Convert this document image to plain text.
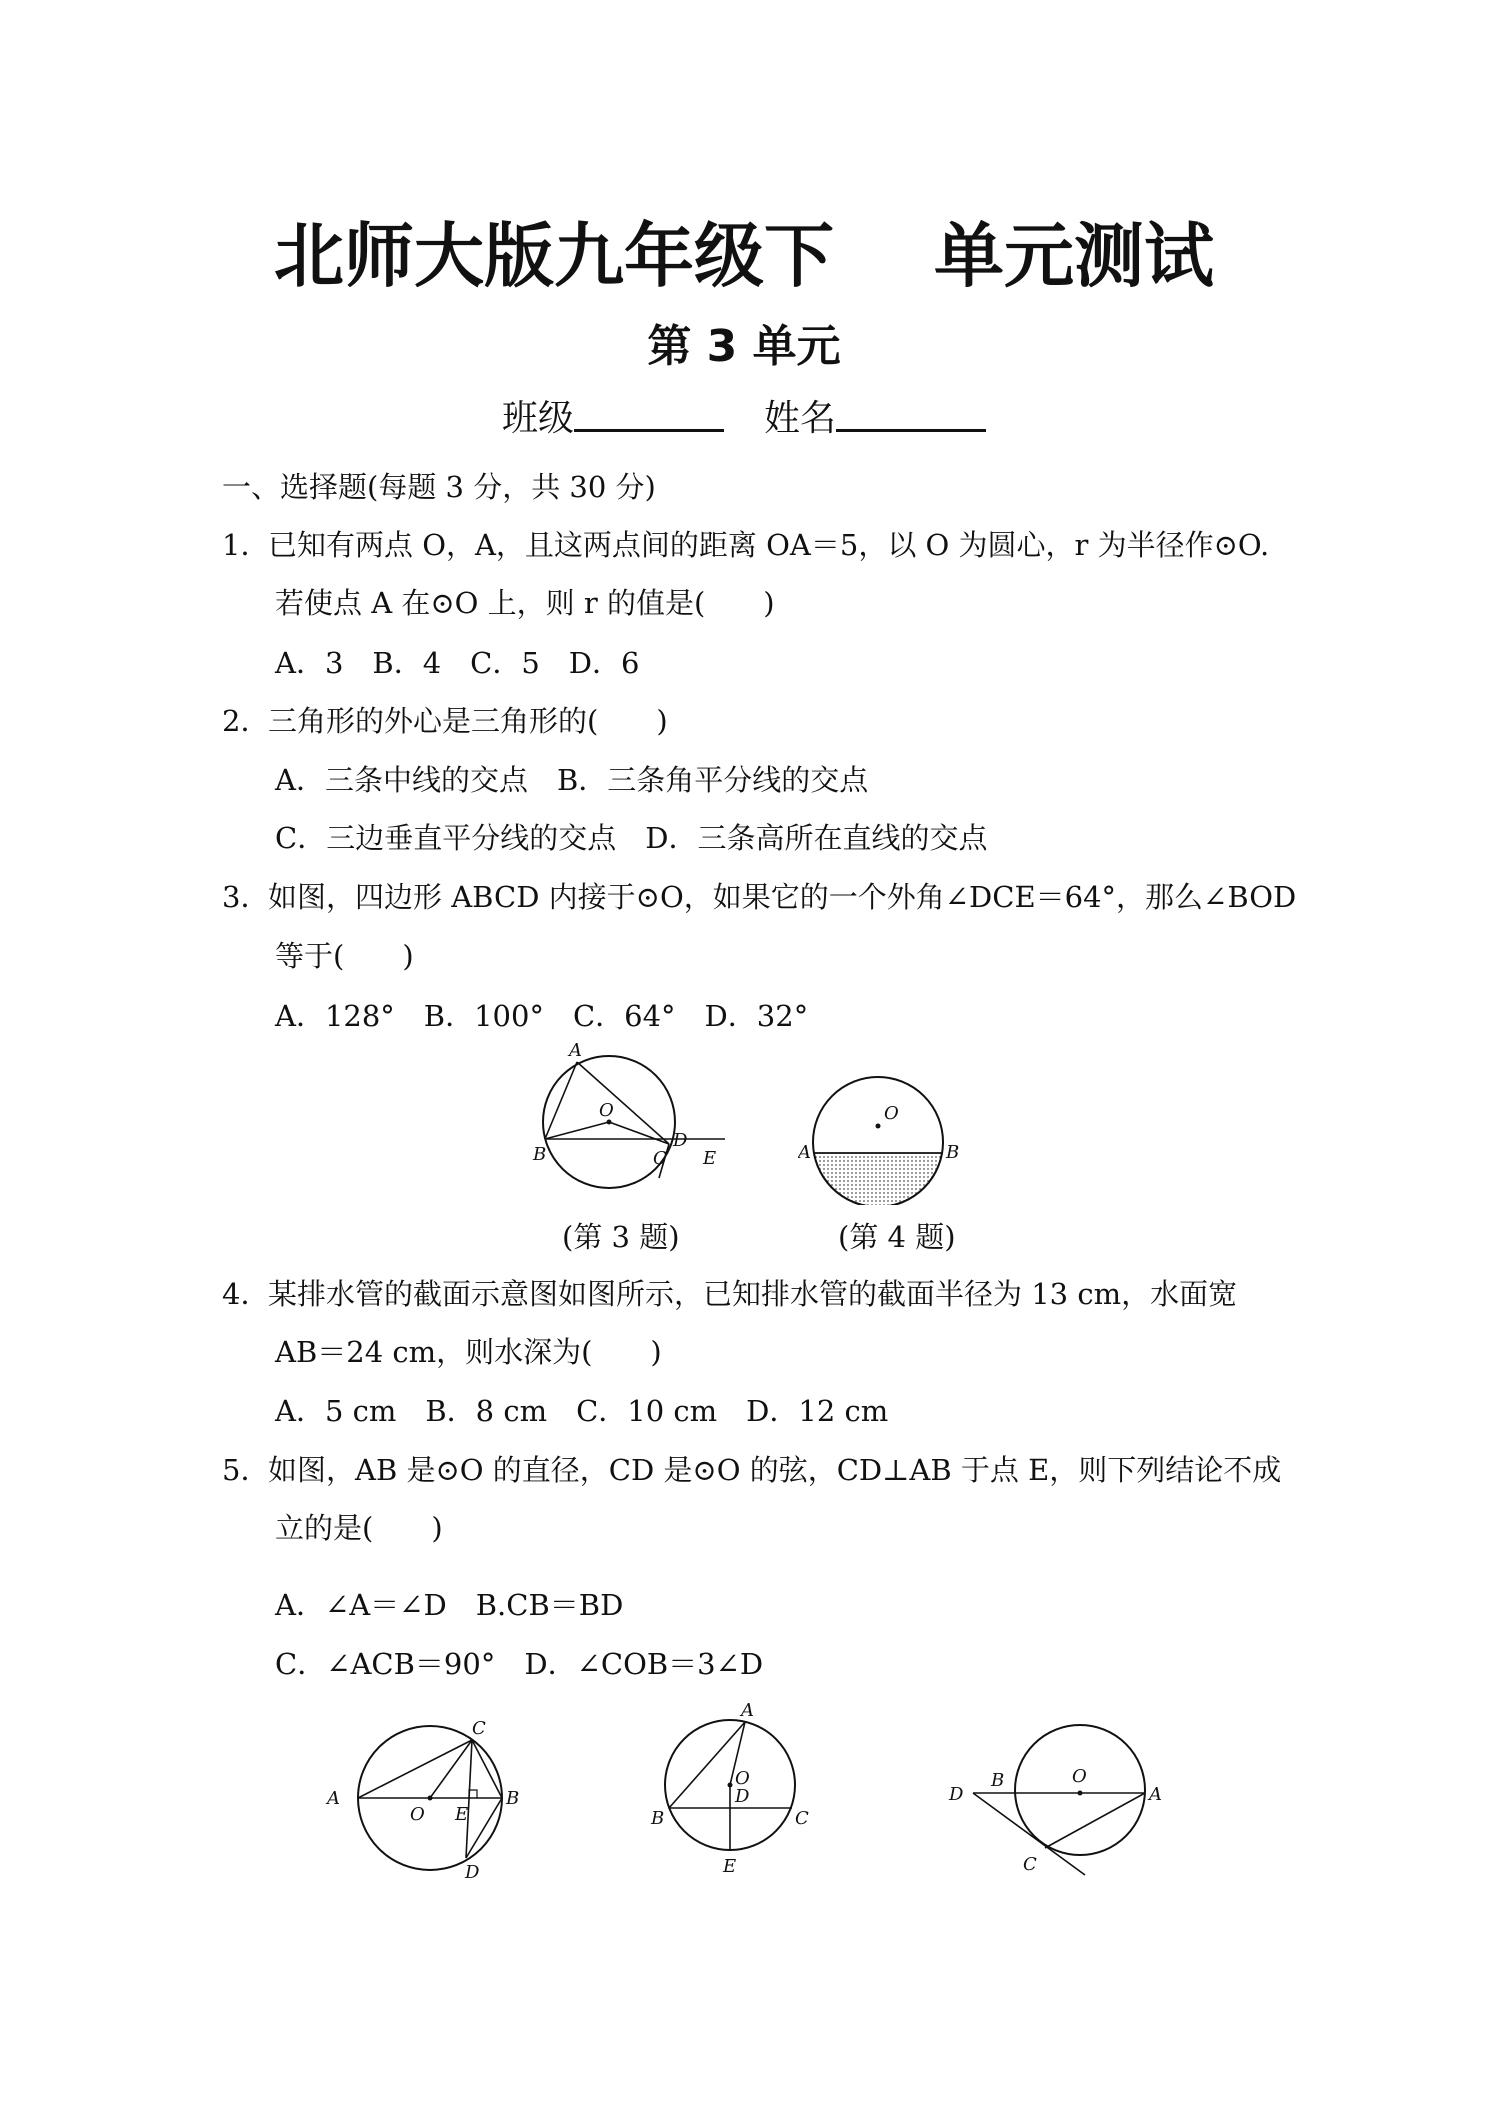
北师大版九年级下 单元测试
第 3 单元
班级	姓名
一、选择题(每题 3 分，共 30 分)
1．
已知有两点 O，A，且这两点间的距离 OA＝5，以 O 为圆心，r 为半径作⊙O.
若使点 A 在⊙O 上，则 r 的值是(　　)
A．3　B．4　C．5　D．6
2．
三角形的外心是三角形的(　　)
A．三条中线的交点　B．三条角平分线的交点
C．三边垂直平分线的交点　D．三条高所在直线的交点
3．
如图，四边形 ABCD 内接于⊙O，如果它的一个外角∠DCE＝64°，那么∠BOD
等于(　　)
A．128°　B．100°　C．64°　D．32°
A
O
D
B	C E
(第 3 题)
O
A	B
(第 4 题)
4．
某排水管的截面示意图如图所示，已知排水管的截面半径为 13 cm，水面宽
AB＝24 cm，则水深为(　　)
A．5 cm　B．8 cm　C．10 cm　D．12 cm
5．
如图，AB 是⊙O 的直径，CD 是⊙O 的弦，CD⊥AB 于点 E，则下列结论不成
立的是(　　)
A．∠A＝∠D　B.CB＝BD
C．∠ACB＝90°　D．∠COB＝3∠D
C
A
O E
B
D
A
O
D
B	C
E
D
B	O
A
C
